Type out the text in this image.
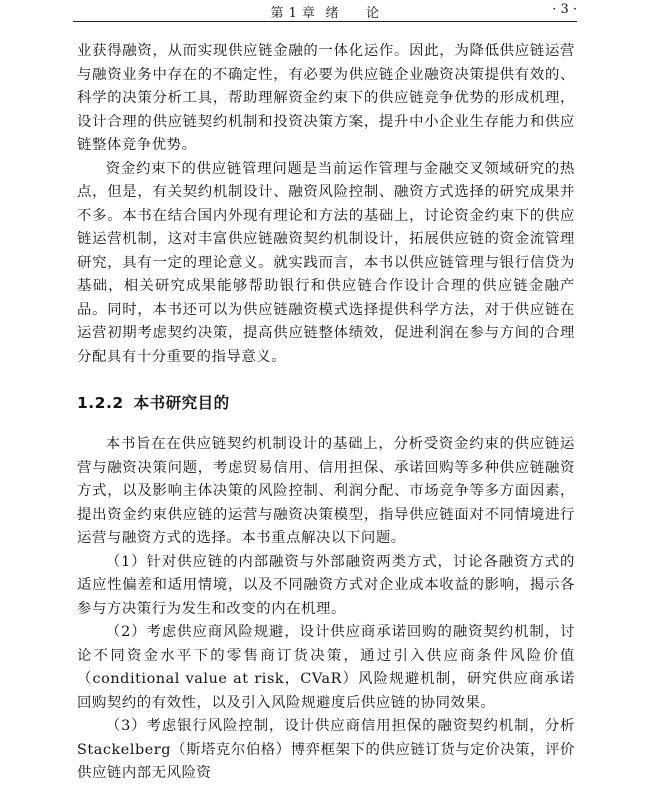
第 1 章 绪　　论	· 3 ·

业获得融资，从而实现供应链金融的一体化运作。因此，为降低供应链运营与融资业务中存在的不确定性，有必要为供应链企业融资决策提供有效的、科学的决策分析工具，帮助理解资金约束下的供应链竞争优势的形成机理，设计合理的供应链契约机制和投资决策方案，提升中小企业生存能力和供应链整体竞争优势。

资金约束下的供应链管理问题是当前运作管理与金融交叉领域研究的热点，但是，有关契约机制设计、融资风险控制、融资方式选择的研究成果并不多。本书在结合国内外现有理论和方法的基础上，讨论资金约束下的供应链运营机制，这对丰富供应链融资契约机制设计，拓展供应链的资金流管理研究，具有一定的理论意义。就实践而言，本书以供应链管理与银行信贷为基础，相关研究成果能够帮助银行和供应链合作设计合理的供应链金融产品。同时，本书还可以为供应链融资模式选择提供科学方法，对于供应链在运营初期考虑契约决策，提高供应链整体绩效，促进利润在参与方间的合理分配具有十分重要的指导意义。

1.2.2 本书研究目的

本书旨在在供应链契约机制设计的基础上，分析受资金约束的供应链运营与融资决策问题，考虑贸易信用、信用担保、承诺回购等多种供应链融资方式，以及影响主体决策的风险控制、利润分配、市场竞争等多方面因素，提出资金约束供应链的运营与融资决策模型，指导供应链面对不同情境进行运营与融资方式的选择。本书重点解决以下问题。

（1）针对供应链的内部融资与外部融资两类方式，讨论各融资方式的适应性偏差和适用情境，以及不同融资方式对企业成本收益的影响，揭示各参与方决策行为发生和改变的内在机理。

（2）考虑供应商风险规避，设计供应商承诺回购的融资契约机制，讨论不同资金水平下的零售商订货决策，通过引入供应商条件风险价值（conditional value at risk，CVaR）风险规避机制，研究供应商承诺回购契约的有效性，以及引入风险规避度后供应链的协同效果。

（3）考虑银行风险控制，设计供应商信用担保的融资契约机制，分析 Stackelberg（斯塔克尔伯格）博弈框架下的供应链订货与定价决策，评价供应链内部无风险资
